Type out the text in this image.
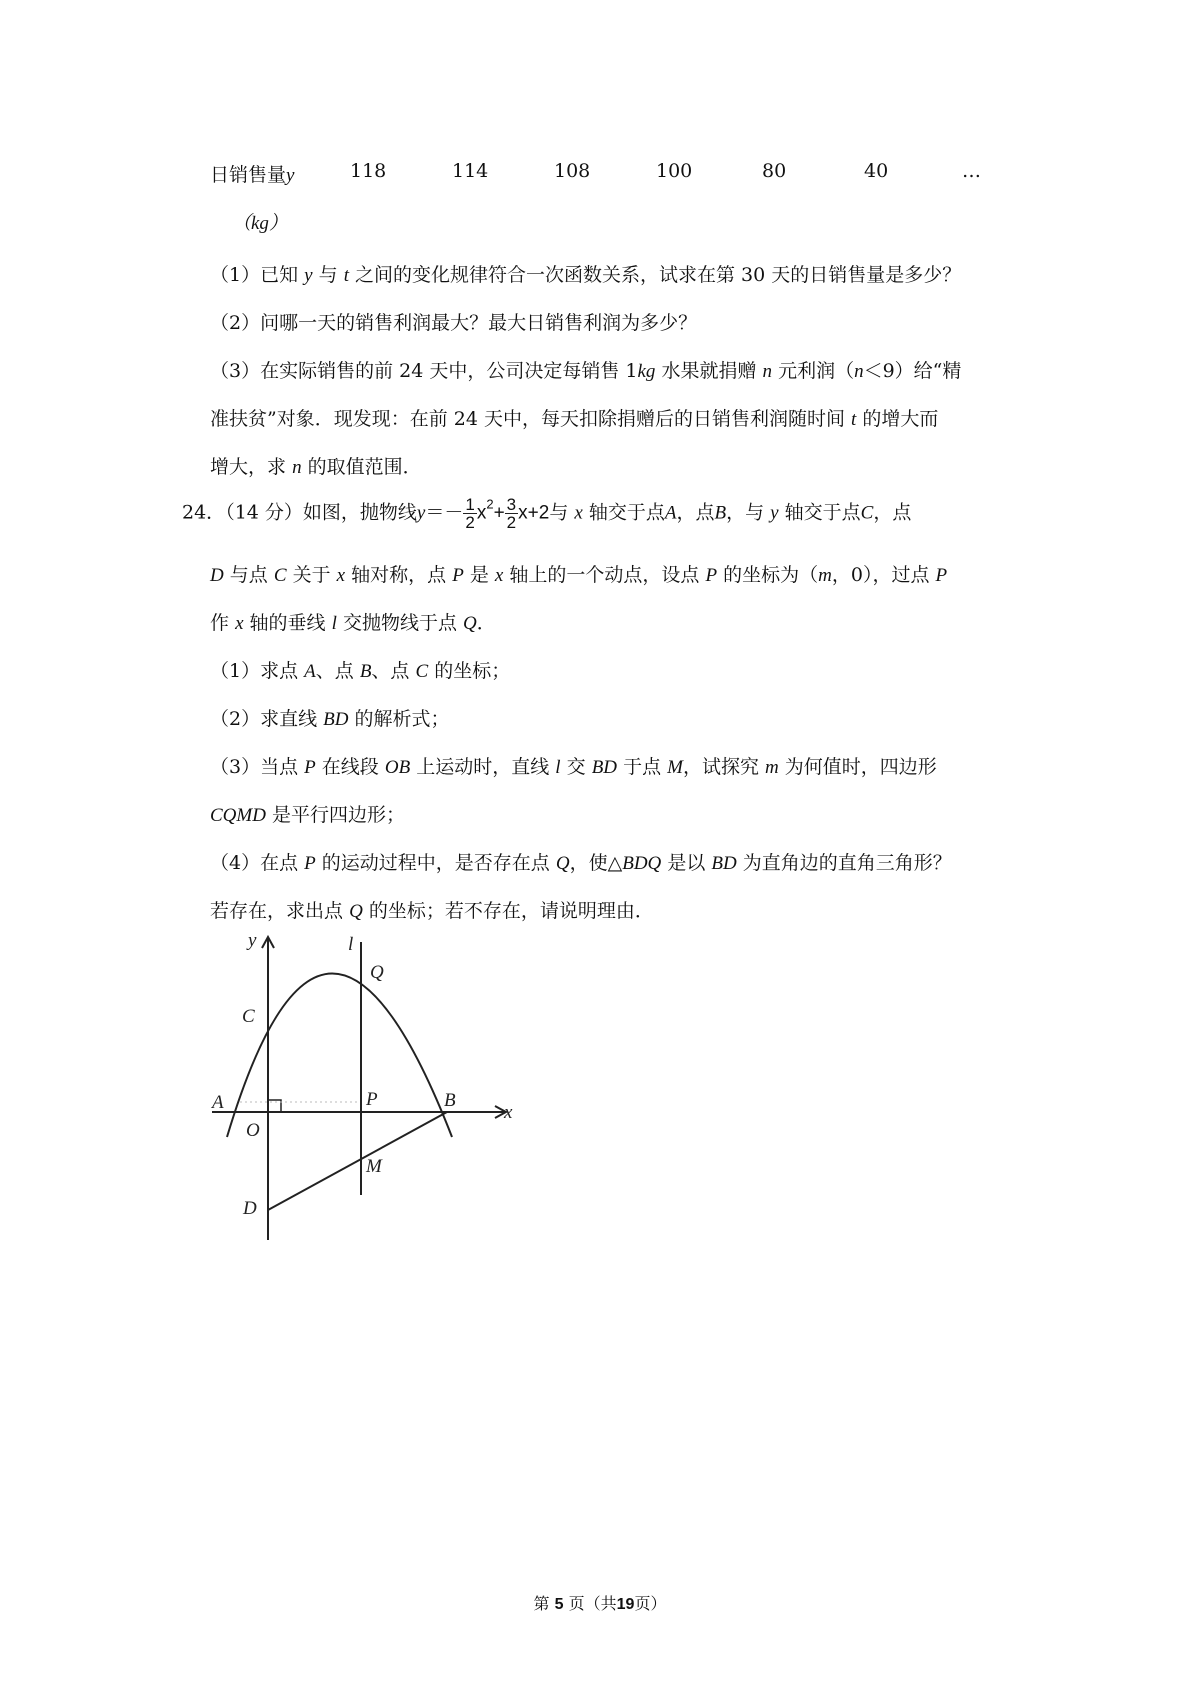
日销售量y
（kg）
118	114	108	100	80	40	…
（1）已知 y 与 t 之间的变化规律符合一次函数关系，试求在第 30 天的日销售量是多少？
（2）问哪一天的销售利润最大？最大日销售利润为多少？
（3）在实际销售的前 24 天中，公司决定每销售 1kg 水果就捐赠 n 元利润（n＜9）给“精
准扶贫”对象．现发现：在前 24 天中，每天扣除捐赠后的日销售利润随时间 t 的增大而
增大，求 n 的取值范围．
24．（14 分）如图，抛物线$y=- \frac{1}{2} x^2+ \frac{3}{2} x+2$与 x 轴交于点A，点B，与 y 轴交于点C，点
D 与点 C 关于 x 轴对称，点 P 是 x 轴上的一个动点，设点 P 的坐标为（m，0），过点 P
作 x 轴的垂线 l 交抛物线于点 Q．
（1）求点 A、点 B、点 C 的坐标；
（2）求直线 BD 的解析式；
（3）当点 P 在线段 OB 上运动时，直线 l 交 BD 于点 M，试探究 m 为何值时，四边形
CQMD 是平行四边形；
（4）在点 P 的运动过程中，是否存在点 Q，使△BDQ 是以 BD 为直角边的直角三角形？
若存在，求出点 Q 的坐标；若不存在，请说明理由．
y	l
Q
C
A
O
P	B
x
M
D
第 5 页（共19页）
